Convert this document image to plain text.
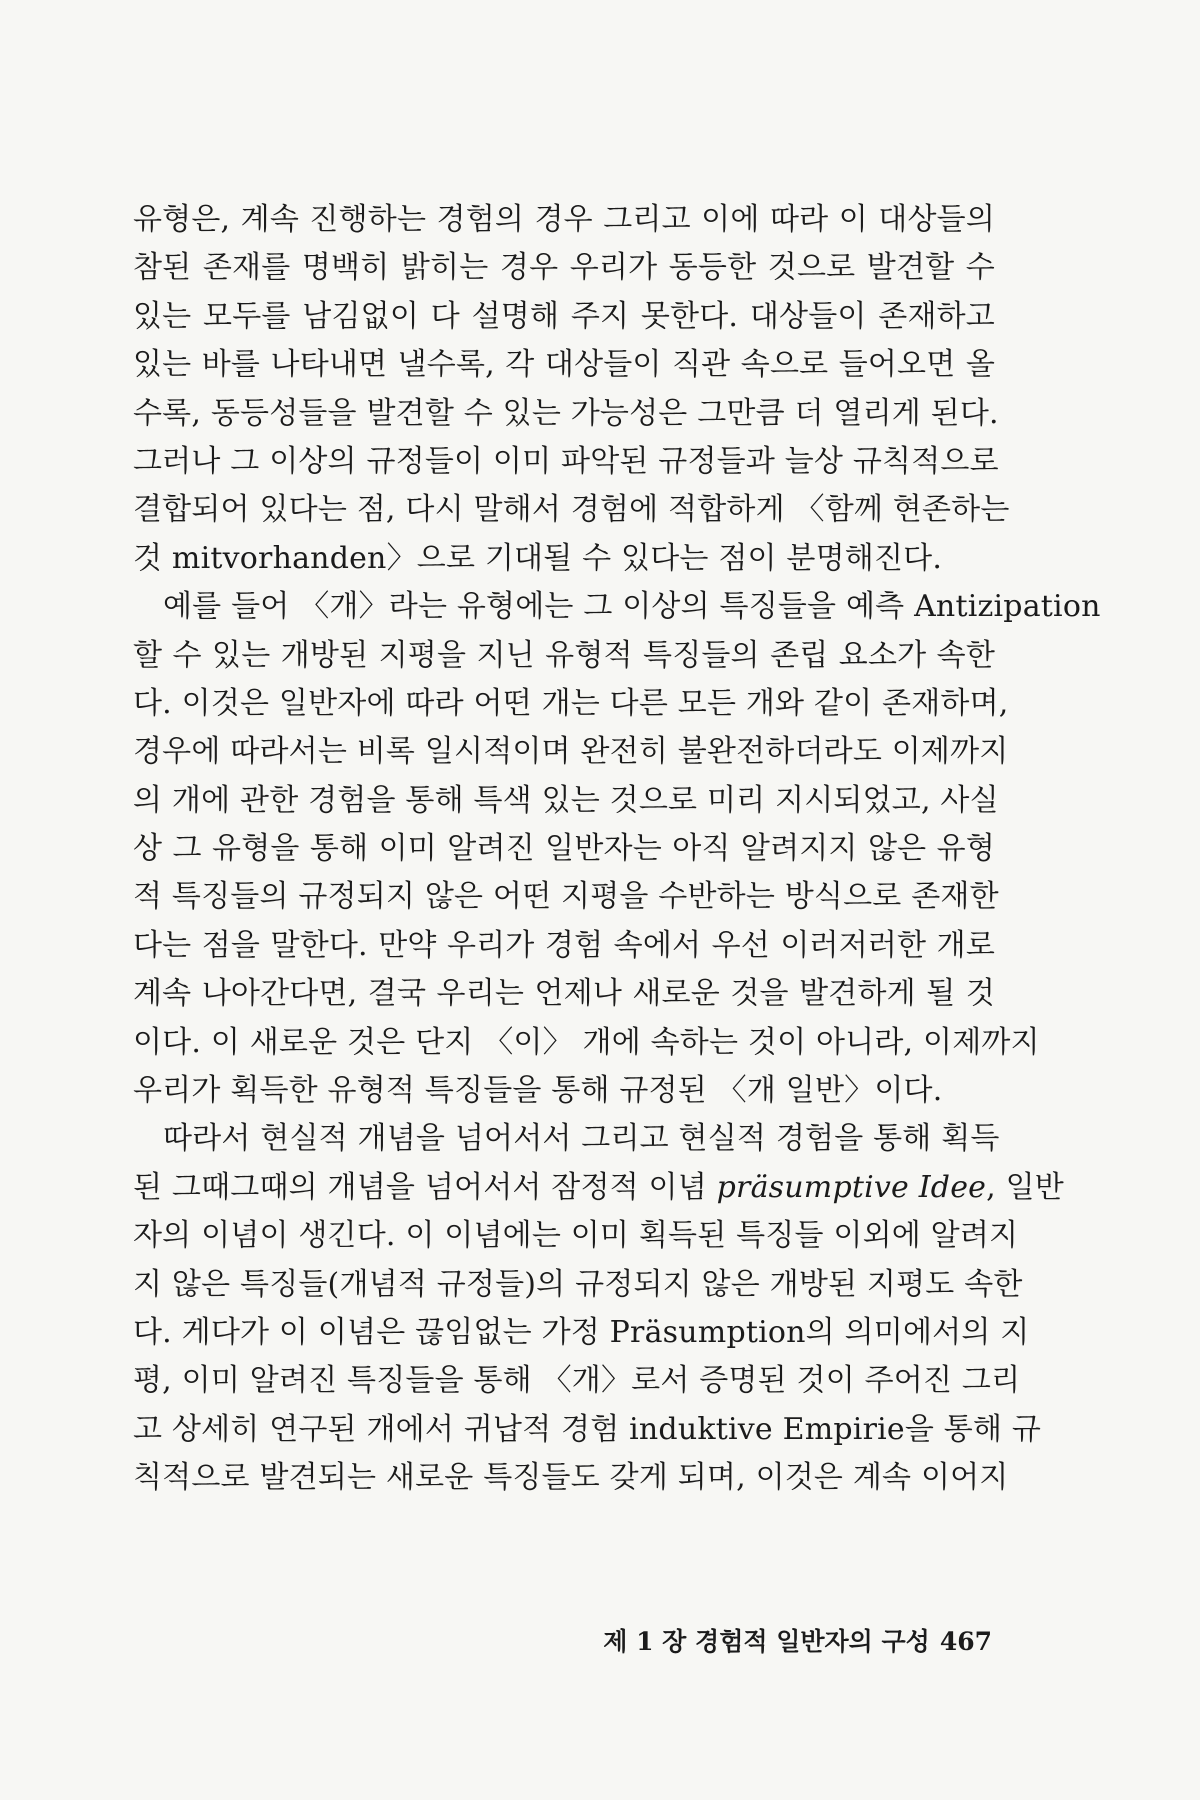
유형은, 계속 진행하는 경험의 경우 그리고 이에 따라 이 대상들의
참된 존재를 명백히 밝히는 경우 우리가 동등한 것으로 발견할 수
있는 모두를 남김없이 다 설명해 주지 못한다. 대상들이 존재하고
있는 바를 나타내면 낼수록, 각 대상들이 직관 속으로 들어오면 올
수록, 동등성들을 발견할 수 있는 가능성은 그만큼 더 열리게 된다.
그러나 그 이상의 규정들이 이미 파악된 규정들과 늘상 규칙적으로
결합되어 있다는 점, 다시 말해서 경험에 적합하게 〈함께 현존하는
것 mitvorhanden〉으로 기대될 수 있다는 점이 분명해진다.
예를 들어 〈개〉라는 유형에는 그 이상의 특징들을 예측 Antizipation
할 수 있는 개방된 지평을 지닌 유형적 특징들의 존립 요소가 속한
다. 이것은 일반자에 따라 어떤 개는 다른 모든 개와 같이 존재하며,
경우에 따라서는 비록 일시적이며 완전히 불완전하더라도 이제까지
의 개에 관한 경험을 통해 특색 있는 것으로 미리 지시되었고, 사실
상 그 유형을 통해 이미 알려진 일반자는 아직 알려지지 않은 유형
적 특징들의 규정되지 않은 어떤 지평을 수반하는 방식으로 존재한
다는 점을 말한다. 만약 우리가 경험 속에서 우선 이러저러한 개로
계속 나아간다면, 결국 우리는 언제나 새로운 것을 발견하게 될 것
이다. 이 새로운 것은 단지 〈이〉 개에 속하는 것이 아니라, 이제까지
우리가 획득한 유형적 특징들을 통해 규정된 〈개 일반〉이다.
따라서 현실적 개념을 넘어서서 그리고 현실적 경험을 통해 획득
된 그때그때의 개념을 넘어서서 잠정적 이념 präsumptive Idee, 일반
자의 이념이 생긴다. 이 이념에는 이미 획득된 특징들 이외에 알려지
지 않은 특징들(개념적 규정들)의 규정되지 않은 개방된 지평도 속한
다. 게다가 이 이념은 끊임없는 가정 Präsumption의 의미에서의 지
평, 이미 알려진 특징들을 통해 〈개〉로서 증명된 것이 주어진 그리
고 상세히 연구된 개에서 귀납적 경험 induktive Empirie을 통해 규
칙적으로 발견되는 새로운 특징들도 갖게 되며, 이것은 계속 이어지
제 1 장 경험적 일반자의 구성 467
